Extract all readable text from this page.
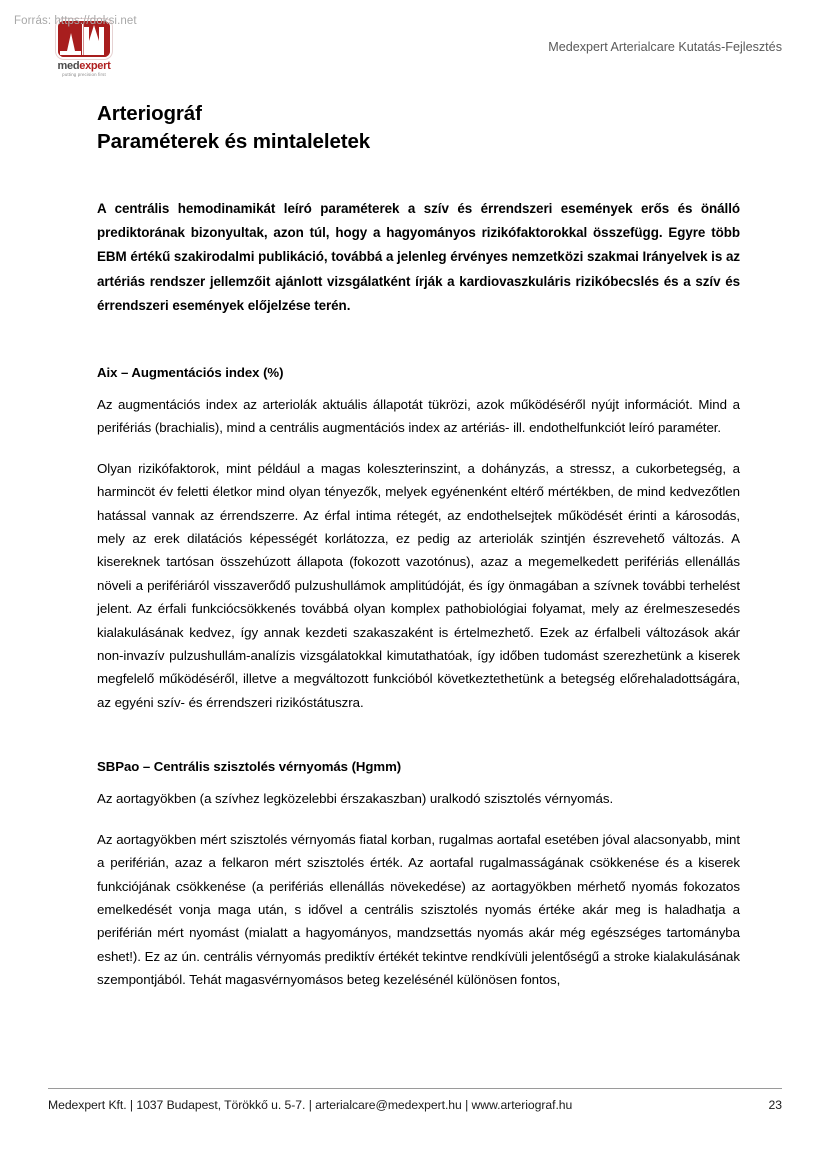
Forrás: https://doksi.net
medexpert
putting precision first
Medexpert Arterialcare Kutatás-Fejlesztés
Arteriográf
Paraméterek és mintaleletek

A centrális hemodinamikát leíró paraméterek a szív és érrendszeri események erős és önálló prediktorának bizonyultak, azon túl, hogy a hagyományos rizikófaktorokkal összefügg. Egyre több EBM értékű szakirodalmi publikáció, továbbá a jelenleg érvényes nemzetközi szakmai Irányelvek is az artériás rendszer jellemzőit ajánlott vizsgálatként írják a kardiovaszkuláris rizikóbecslés és a szív és érrendszeri események előjelzése terén.

Aix – Augmentációs index (%)

Az augmentációs index az arteriolák aktuális állapotát tükrözi, azok működéséről nyújt információt. Mind a perifériás (brachialis), mind a centrális augmentációs index az artériás- ill. endothelfunkciót leíró paraméter.

Olyan rizikófaktorok, mint például a magas koleszterinszint, a dohányzás, a stressz, a cukorbetegség, a harmincöt év feletti életkor mind olyan tényezők, melyek egyénenként eltérő mértékben, de mind kedvezőtlen hatással vannak az érrendszerre. Az érfal intima rétegét, az endothelsejtek működését érinti a károsodás, mely az erek dilatációs képességét korlátozza, ez pedig az arteriolák szintjén észrevehető változás. A kisereknek tartósan összehúzott állapota (fokozott vazotónus), azaz a megemelkedett perifériás ellenállás növeli a perifériáról visszaverődő pulzushullámok amplitúdóját, és így önmagában a szívnek további terhelést jelent. Az érfali funkciócsökkenés továbbá olyan komplex pathobiológiai folyamat, mely az érelmeszesedés kialakulásának kedvez, így annak kezdeti szakaszaként is értelmezhető. Ezek az érfalbeli változások akár non-invazív pulzushullám-analízis vizsgálatokkal kimutathatóak, így időben tudomást szerezhetünk a kiserek megfelelő működéséről, illetve a megváltozott funkcióból következtethetünk a betegség előrehaladottságára, az egyéni szív- és érrendszeri rizikóstátuszra.

SBPao – Centrális szisztolés vérnyomás (Hgmm)

Az aortagyökben (a szívhez legközelebbi érszakaszban) uralkodó szisztolés vérnyomás.

Az aortagyökben mért szisztolés vérnyomás fiatal korban, rugalmas aortafal esetében jóval alacsonyabb, mint a periférián, azaz a felkaron mért szisztolés érték. Az aortafal rugalmasságának csökkenése és a kiserek funkciójának csökkenése (a perifériás ellenállás növekedése) az aortagyökben mérhető nyomás fokozatos emelkedését vonja maga után, s idővel a centrális szisztolés nyomás értéke akár meg is haladhatja a periférián mért nyomást (mialatt a hagyományos, mandzsettás nyomás akár még egészséges tartományba eshet!). Ez az ún. centrális vérnyomás prediktív értékét tekintve rendkívüli jelentőségű a stroke kialakulásának szempontjából. Tehát magasvérnyomásos beteg kezelésénél különösen fontos,

Medexpert Kft. | 1037 Budapest, Törökkő u. 5-7. | arterialcare@medexpert.hu | www.arteriograf.hu	23
